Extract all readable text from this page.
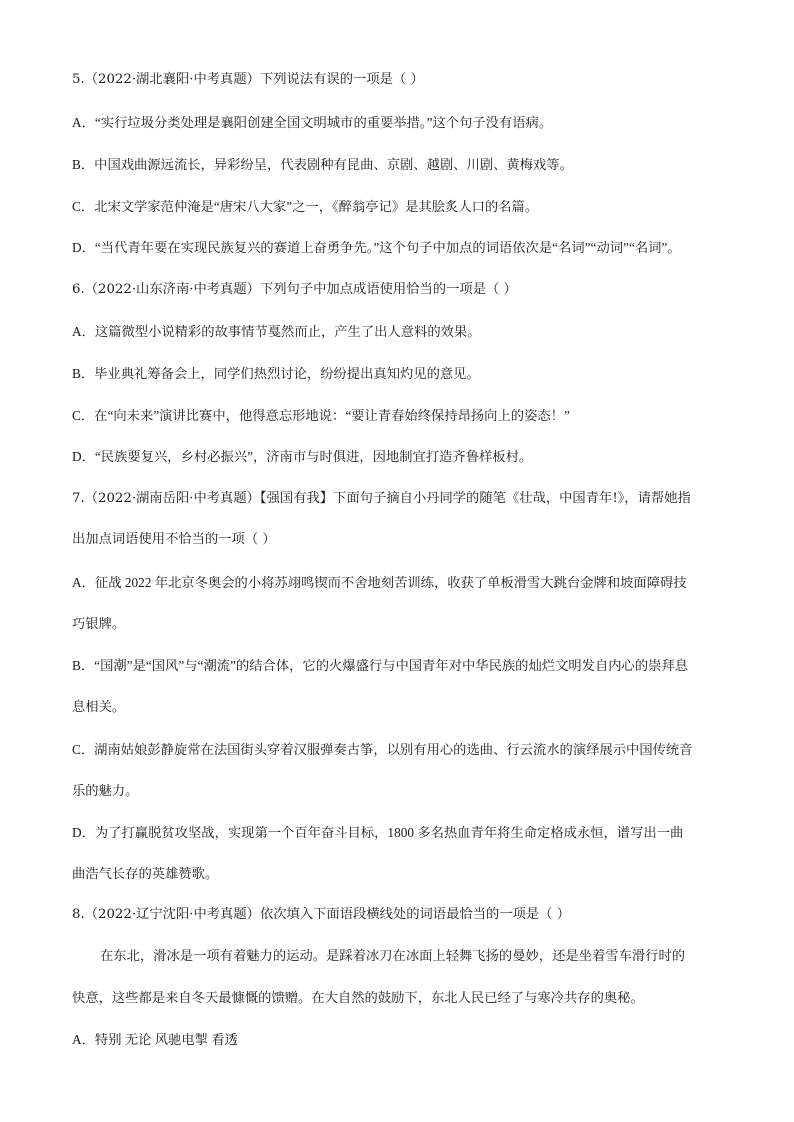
5.（2022·湖北襄阳·中考真题）下列说法有误的一项是（ ）
A．“实行垃圾分类处理是襄阳创建全国文明城市的重要举措。”这个句子没有语病。
B．中国戏曲源远流长，异彩纷呈，代表剧种有昆曲、京剧、越剧、川剧、黄梅戏等。
C．北宋文学家范仲淹是“唐宋八大家”之一，《醉翁亭记》是其脍炙人口的名篇。
D．“当代青年要在实现民族复兴的赛道上奋勇争先。”这个句子中加点的词语依次是“名词”“动词”“名词”。
6.（2022·山东济南·中考真题）下列句子中加点成语使用恰当的一项是（ ）
A．这篇微型小说精彩的故事情节戛然而止，产生了出人意料的效果。
B．毕业典礼筹备会上，同学们热烈讨论，纷纷提出真知灼见的意见。
C．在“向未来”演讲比赛中，他得意忘形地说：“要让青春始终保持昂扬向上的姿态！”
D．“民族要复兴，乡村必振兴”，济南市与时俱进，因地制宜打造齐鲁样板村。
7.（2022·湖南岳阳·中考真题）【强国有我】下面句子摘自小丹同学的随笔《壮哉，中国青年!》，请帮她指
出加点词语使用不恰当的一项（ ）
A．征战 2022 年北京冬奥会的小将苏翊鸣锲而不舍地刻苦训练，收获了单板滑雪大跳台金牌和坡面障碍技
巧银牌。
B．“国潮”是“国风”与“潮流”的结合体，它的火爆盛行与中国青年对中华民族的灿烂文明发自内心的崇拜息
息相关。
C．湖南姑娘彭静旋常在法国街头穿着汉服弹奏古筝，以别有用心的选曲、行云流水的演绎展示中国传统音
乐的魅力。
D．为了打赢脱贫攻坚战，实现第一个百年奋斗目标，1800 多名热血青年将生命定格成永恒，谱写出一曲
曲浩气长存的英雄赞歌。
8.（2022·辽宁沈阳·中考真题）依次填入下面语段横线处的词语最恰当的一项是（ ）
在东北，滑冰是一项有着魅力的运动。是踩着冰刀在冰面上轻舞飞扬的曼妙，还是坐着雪车滑行时的
快意，这些都是来自冬天最慷慨的馈赠。在大自然的鼓励下，东北人民已经了与寒冷共存的奥秘。
A．特别 无论 风驰电掣 看透
